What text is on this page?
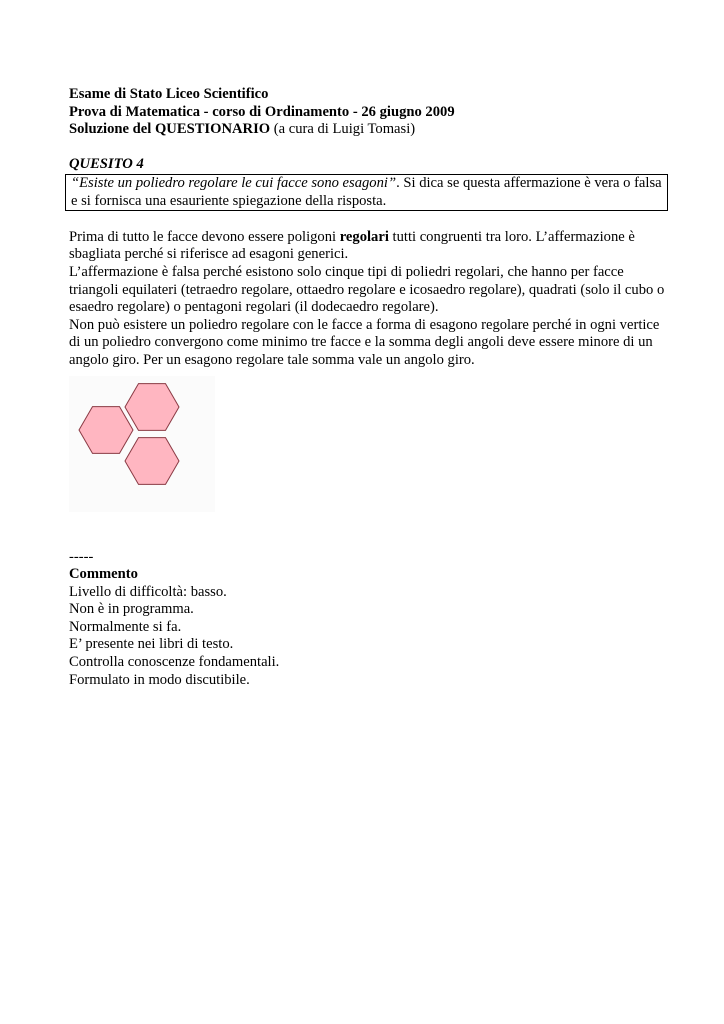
Esame di Stato Liceo Scientifico
Prova di Matematica - corso di Ordinamento - 26 giugno 2009
Soluzione del QUESTIONARIO (a cura di Luigi Tomasi)
QUESITO 4
“Esiste un poliedro regolare le cui facce sono esagoni”. Si dica se questa affermazione è vera o falsa e si fornisca una esauriente spiegazione della risposta.

Prima di tutto le facce devono essere poligoni regolari tutti congruenti tra loro. L’affermazione è sbagliata perché si riferisce ad esagoni generici.

L’affermazione è falsa perché esistono solo cinque tipi di poliedri regolari, che hanno per facce triangoli equilateri (tetraedro regolare, ottaedro regolare e icosaedro regolare), quadrati (solo il cubo o esaedro regolare) o pentagoni regolari (il dodecaedro regolare).

Non può esistere un poliedro regolare con le facce a forma di esagono regolare perché in ogni vertice di un poliedro convergono come minimo tre facce e la somma degli angoli deve essere minore di un angolo giro. Per un esagono regolare tale somma vale un angolo giro.

-----
Commento
Livello di difficoltà: basso.
Non è in programma.
Normalmente si fa.
E’ presente nei libri di testo.
Controlla conoscenze fondamentali.
Formulato in modo discutibile.
